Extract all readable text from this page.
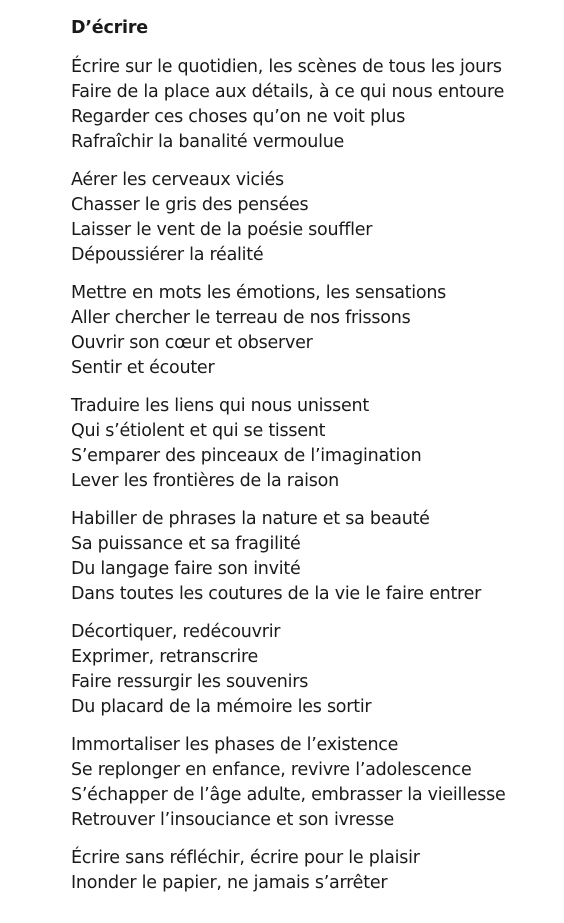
D’écrire
Écrire sur le quotidien, les scènes de tous les jours
Faire de la place aux détails, à ce qui nous entoure
Regarder ces choses qu’on ne voit plus
Rafraîchir la banalité vermoulue
Aérer les cerveaux viciés
Chasser le gris des pensées
Laisser le vent de la poésie souffler
Dépoussiérer la réalité
Mettre en mots les émotions, les sensations
Aller chercher le terreau de nos frissons
Ouvrir son cœur et observer
Sentir et écouter
Traduire les liens qui nous unissent
Qui s’étiolent et qui se tissent
S’emparer des pinceaux de l’imagination
Lever les frontières de la raison
Habiller de phrases la nature et sa beauté
Sa puissance et sa fragilité
Du langage faire son invité
Dans toutes les coutures de la vie le faire entrer
Décortiquer, redécouvrir
Exprimer, retranscrire
Faire ressurgir les souvenirs
Du placard de la mémoire les sortir
Immortaliser les phases de l’existence
Se replonger en enfance, revivre l’adolescence
S’échapper de l’âge adulte, embrasser la vieillesse
Retrouver l’insouciance et son ivresse
Écrire sans réfléchir, écrire pour le plaisir
Inonder le papier, ne jamais s’arrêter
